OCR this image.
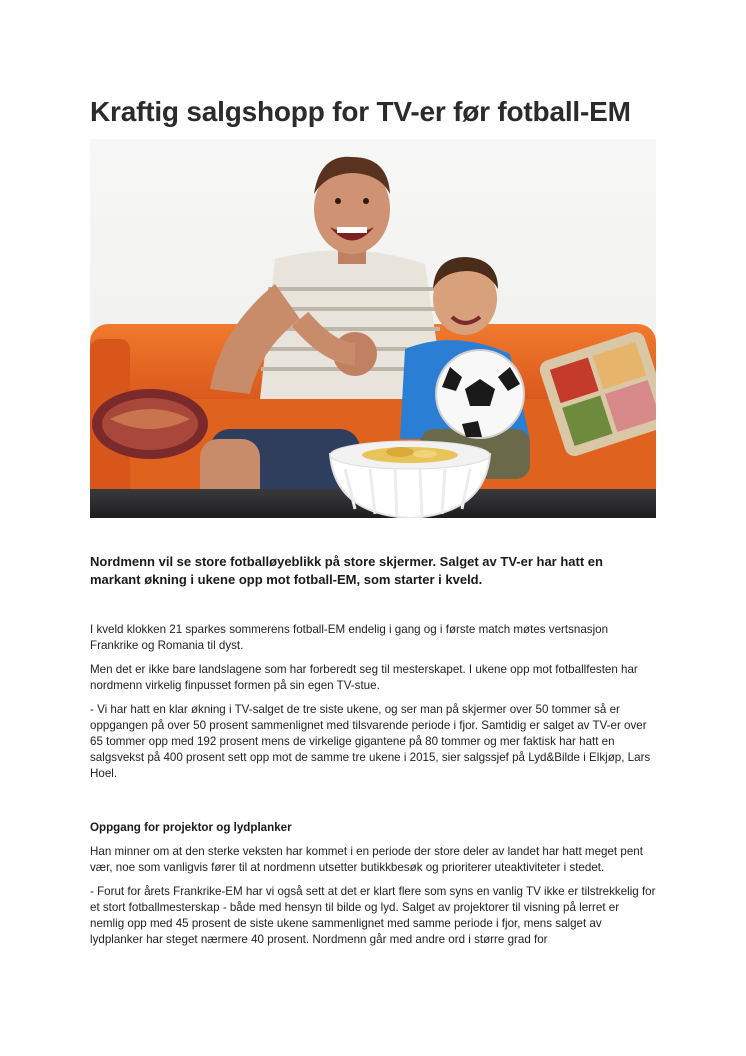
Kraftig salgshopp for TV-er før fotball-EM

Nordmenn vil se store fotballøyeblikk på store skjermer. Salget av TV-er har hatt en markant økning i ukene opp mot fotball-EM, som starter i kveld.

I kveld klokken 21 sparkes sommerens fotball-EM endelig i gang og i første match møtes vertsnasjon Frankrike og Romania til dyst.

Men det er ikke bare landslagene som har forberedt seg til mesterskapet. I ukene opp mot fotballfesten har nordmenn virkelig finpusset formen på sin egen TV-stue.

- Vi har hatt en klar økning i TV-salget de tre siste ukene, og ser man på skjermer over 50 tommer så er oppgangen på over 50 prosent sammenlignet med tilsvarende periode i fjor. Samtidig er salget av TV-er over 65 tommer opp med 192 prosent mens de virkelige gigantene på 80 tommer og mer faktisk har hatt en salgsvekst på 400 prosent sett opp mot de samme tre ukene i 2015, sier salgssjef på Lyd&Bilde i Elkjøp, Lars Hoel.

Oppgang for projektor og lydplanker

Han minner om at den sterke veksten har kommet i en periode der store deler av landet har hatt meget pent vær, noe som vanligvis fører til at nordmenn utsetter butikkbesøk og prioriterer uteaktiviteter i stedet.

- Forut for årets Frankrike-EM har vi også sett at det er klart flere som syns en vanlig TV ikke er tilstrekkelig for et stort fotballmesterskap - både med hensyn til bilde og lyd. Salget av projektorer til visning på lerret er nemlig opp med 45 prosent de siste ukene sammenlignet med samme periode i fjor, mens salget av lydplanker har steget nærmere 40 prosent. Nordmenn går med andre ord i større grad for
